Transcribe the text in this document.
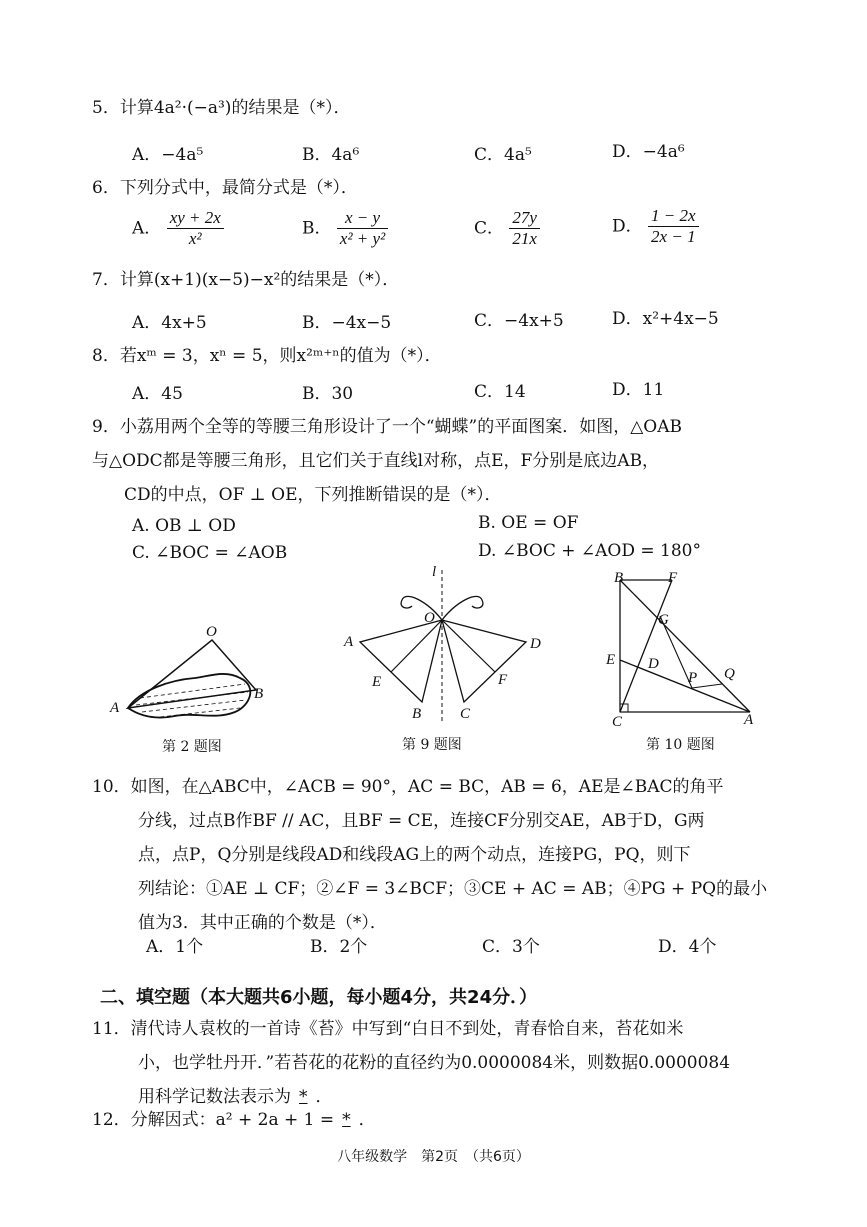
5．计算4a²·(−a³)的结果是（*）．
A．−4a⁵	B．4a⁶	C．4a⁵	D．−4a⁶
6．下列分式中，最简分式是（*）．
A． $\frac{xy + 2x}{\text{x²}}$	B． $\frac{x - y}{\text{x² + y²}}$	C． $\frac{27y}{21x}$	D． $\frac{1 - 2x}{2x - 1}$
7．计算(x+1)(x−5)−x²的结果是（*）．
A．4x+5	B．−4x−5	C．−4x+5	D．x²+4x−5
8．若xᵐ = 3，xⁿ = 5，则x²ᵐ⁺ⁿ的值为（*）．
A．45	B．30	C．14	D．11
9．小荔用两个全等的等腰三角形设计了一个“蝴蝶”的平面图案．如图，△OAB
与△ODC都是等腰三角形，且它们关于直线l对称，点E，F分别是底边AB，
CD的中点，OF ⊥ OE，下列推断错误的是（*）．
A. OB ⊥ OD	B. OE = OF
C. ∠BOC = ∠AOB	D. ∠BOC + ∠AOD = 180°
O
A
B
第 2 题图
l
O
A	D
E	F
B	C
第 9 题图
B	F
G
E D
P Q
C	A
第 10 题图
10．如图，在△ABC中，∠ACB = 90°，AC = BC，AB = 6，AE是∠BAC的角平
分线，过点B作BF // AC，且BF = CE，连接CF分别交AE，AB于D，G两
点，点P，Q分别是线段AD和线段AG上的两个动点，连接PG，PQ，则下
列结论：①AE ⊥ CF；②∠F = 3∠BCF；③CE + AC = AB；④PG + PQ的最小
值为3．其中正确的个数是（*）．
A．1个	B．2个	C．3个	D．4个
二、填空题（本大题共6小题，每小题4分，共24分．）
11．清代诗人袁枚的一首诗《苔》中写到“白日不到处，青春恰自来，苔花如米
小，也学牡丹开．”若苔花的花粉的直径约为0.0000084米，则数据0.0000084
用科学记数法表示为 * ．
12．分解因式：a² + 2a + 1 = * ．
八年级数学　第2页　（共6页）
